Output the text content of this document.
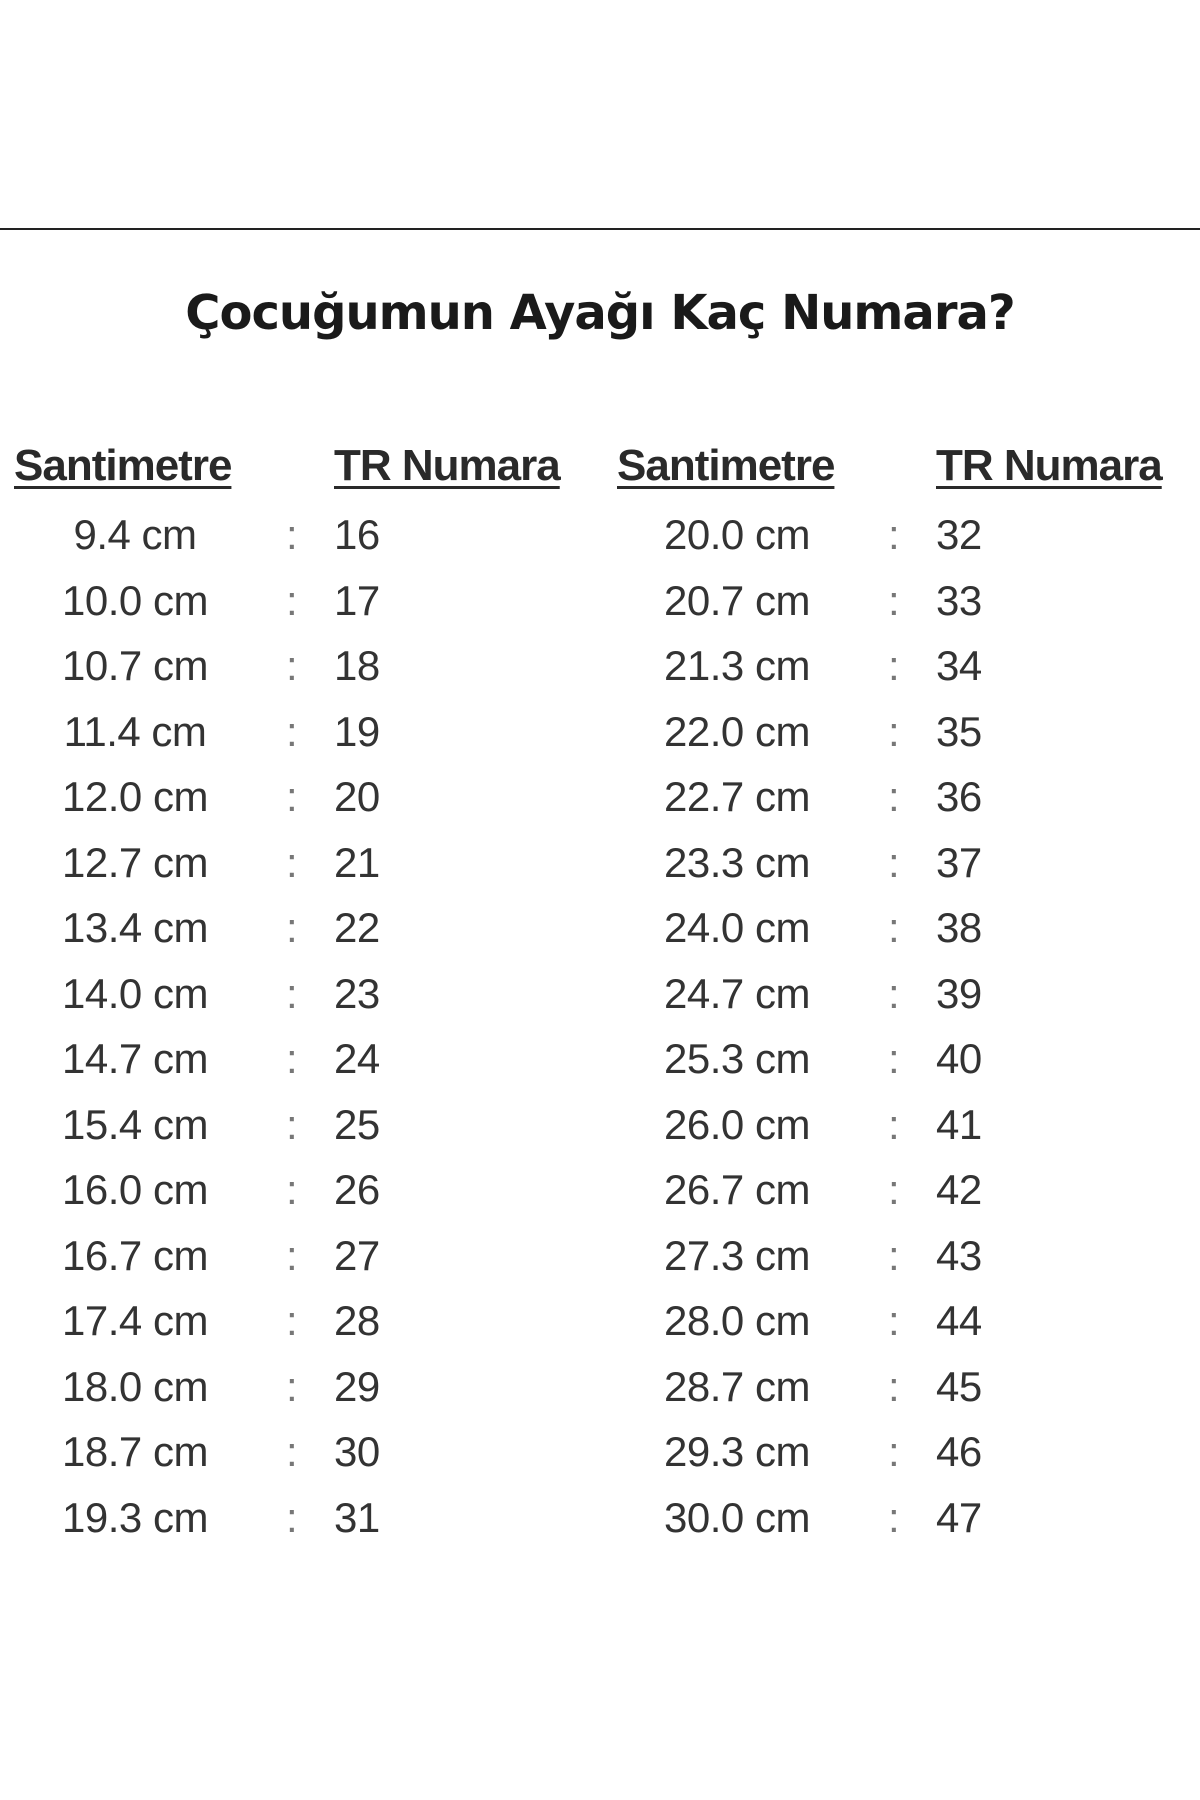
Çocuğumun Ayağı Kaç Numara?
Santimetre TR Numara Santimetre TR Numara
9.4 cm	: 16	20.0 cm	: 32
10.0 cm	: 17	20.7 cm	: 33
10.7 cm	: 18	21.3 cm	: 34
11.4 cm	: 19	22.0 cm	: 35
12.0 cm	: 20	22.7 cm	: 36
12.7 cm	: 21	23.3 cm	: 37
13.4 cm	: 22	24.0 cm	: 38
14.0 cm	: 23	24.7 cm	: 39
14.7 cm	: 24	25.3 cm	: 40
15.4 cm	: 25	26.0 cm	: 41
16.0 cm	: 26	26.7 cm	: 42
16.7 cm	: 27	27.3 cm	: 43
17.4 cm	: 28	28.0 cm	: 44
18.0 cm	: 29	28.7 cm	: 45
18.7 cm	: 30	29.3 cm	: 46
19.3 cm	: 31	30.0 cm	: 47
